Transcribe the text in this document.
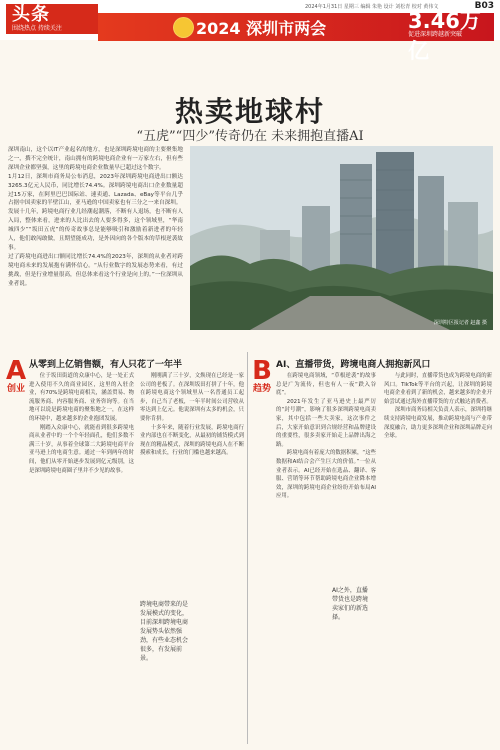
头条
围绕热点 持续关注
2024年1月31日 星期三 编辑 朱艳 设计 刘松青 校对 黄伟文	B03
2024 深圳市两会	3.46万亿
促进深圳跨越新突破
热卖地球村
“五虎”“四少”传奇仍在 未来拥抱直播AI

深圳南山，这个以IT产业起名的地方，也是深圳跨境电商的主要聚集地之一，撰不完全统计，南山拥有的跨境电商企业有一万家左右，但有些深圳企业都坚强，这里的跨境电商企业数量早已超过这个数字。

1月12日，深圳市商务局公布消息，2023年深圳跨境电商进出口额达3265.3亿元人民币，同比增长74.4%。深圳跨境电商出口企业数量超过15万家，在阿里巴巴国际站、速卖通、Lazada、eBay等平台几乎占据中国卖家的半壁江山，亚马逊的中国卖家也有三分之一来自深圳。

发展十几年，跨境电商行业几经潮起潮落，不断有人退场，也不断有人入局，整体来看，进来的人比出去的人要多得多，这个领域里，“华南城四少”“坂田五虎”的传奇故事总是能够吸引和激励着新进者的年轻人，他们敢闯敢做，且期望能成功，是外因向的各个版本的草根逆袭故事。

过了跨境电商进出口额同比增长74.4%的2023年，深圳的从业者对跨境电商未来的发展抱有满怀信心。“从行业数字的发展态势来看，有过挑战，但是行业增量很高，但总体来看这个行业是向上的。”一位深圳从业者说。

深圳特区报记者 赵鑫 摄
A
创业
从零到上亿销售额，有人只花了一年半

位于坂田街道的众康中心，是一处正式进入使用不久的商业园区，这里的入驻企业，有70%是跨境电商相关，涵盖贸易、物流服务商、内容服务商、业务咨询等。在当地可以说是跨境电商的聚集地之一，在这样的环境中，越来越多的企业抱团发展。

刚踏入众康中心，就能看到很多跨境电商从业者中的一个个年轻面孔，他们多数不满三十岁，从事着全球第二大跨境电商平台亚马逊上的电商生意。通过一年到两年的时间，他们从零开始逐步发展到亿元级别，这是深圳跨境电商圈子里并不少见的故事。

刚刚满了三十岁，文焕现在已经是一家公司的老板了。在深圳坂田打拼了十年，他在跨境电商这个领域里从一名普通员工起步，自己当了老板，一年半时间公司营收从零达到上亿元。他说深圳有太多的机会，只要你肯拼。

十多年来，随着行业发展，跨境电商行业内部也在不断变化，从最初的铺货模式到现在的精品模式，深圳的跨境电商人在不断摸索和成长，行业的门槛也越来越高。

跨境电商带来的是发展模式的变化，目前深圳跨境电商发展势头依然强劲，有些业态机会很多，有发展前景。
B
趋势
AI、直播带货，跨境电商人拥抱新风口

在跨境电商领域，“草根逆袭”的故事总是广为流传，但也有人一夜“跌入谷底”。

2021年发生了亚马逊史上最严厉的“封号潮”，影响了很多深圳跨境电商卖家，其中包括一些大卖家，这次事件之后，大家开始意识到合规经营和品牌建设的重要性，很多卖家开始走上品牌出海之路。

跨境电商有着庞大的数据积累，“这些数据和AI结合会产生巨大的价值。”一位从业者表示。AI已经开始在选品、翻译、客服、营销等环节帮助跨境电商企业降本增效，深圳的跨境电商企业纷纷开始布局AI应用。

与此同时，直播带货也成为跨境电商的新风口。TikTok等平台的兴起，让深圳的跨境电商企业看到了新的机会，越来越多的企业开始尝试通过海外直播带货的方式触达消费者。

深圳市商务局相关负责人表示，深圳将继续支持跨境电商发展，推动跨境电商与产业带深度融合，助力更多深圳企业和深圳品牌走向全球。

AI之外，直播带货也是跨境卖家们的新选择。
